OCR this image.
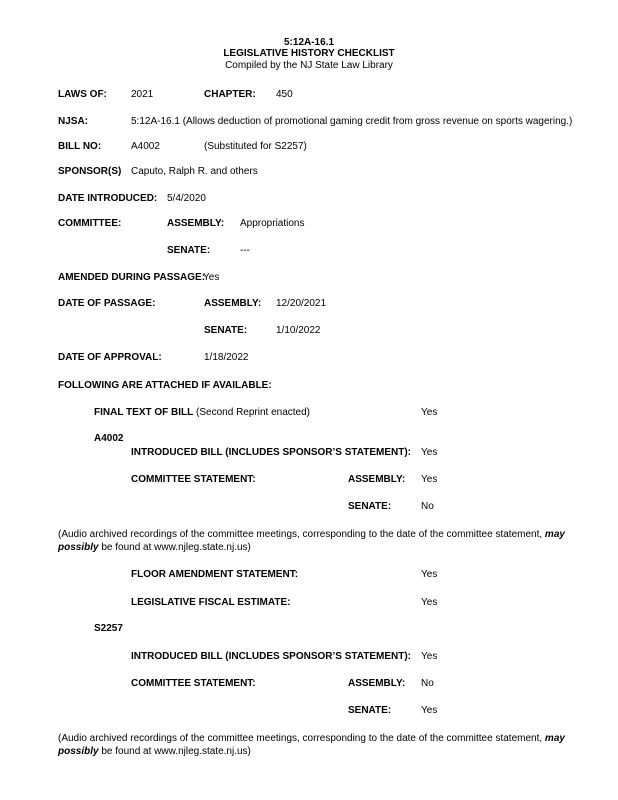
5:12A-16.1
LEGISLATIVE HISTORY CHECKLIST
Compiled by the NJ State Law Library
LAWS OF: 2021	CHAPTER: 450
NJSA:	5:12A-16.1 (Allows deduction of promotional gaming credit from gross revenue on sports wagering.)
BILL NO:	A4002	(Substituted for S2257)
SPONSOR(S) Caputo, Ralph R. and others
DATE INTRODUCED: 5/4/2020
COMMITTEE:	ASSEMBLY: Appropriations
SENATE:	---
AMENDED DURING PASSAGE:
Yes
DATE OF PASSAGE:	ASSEMBLY: 12/20/2021
SENATE:	1/10/2022
DATE OF APPROVAL:	1/18/2022
FOLLOWING ARE ATTACHED IF AVAILABLE:
FINAL TEXT OF BILL (Second Reprint enacted)	Yes
A4002
INTRODUCED BILL (INCLUDES SPONSOR’S STATEMENT): Yes
COMMITTEE STATEMENT:	ASSEMBLY: Yes
SENATE:	No
(Audio archived recordings of the committee meetings, corresponding to the date of the committee statement, may possibly be found at www.njleg.state.nj.us)
FLOOR AMENDMENT STATEMENT:	Yes
LEGISLATIVE FISCAL ESTIMATE:	Yes
S2257
INTRODUCED BILL (INCLUDES SPONSOR’S STATEMENT): Yes
COMMITTEE STATEMENT:	ASSEMBLY: No
SENATE:	Yes
(Audio archived recordings of the committee meetings, corresponding to the date of the committee statement, may possibly be found at www.njleg.state.nj.us)
